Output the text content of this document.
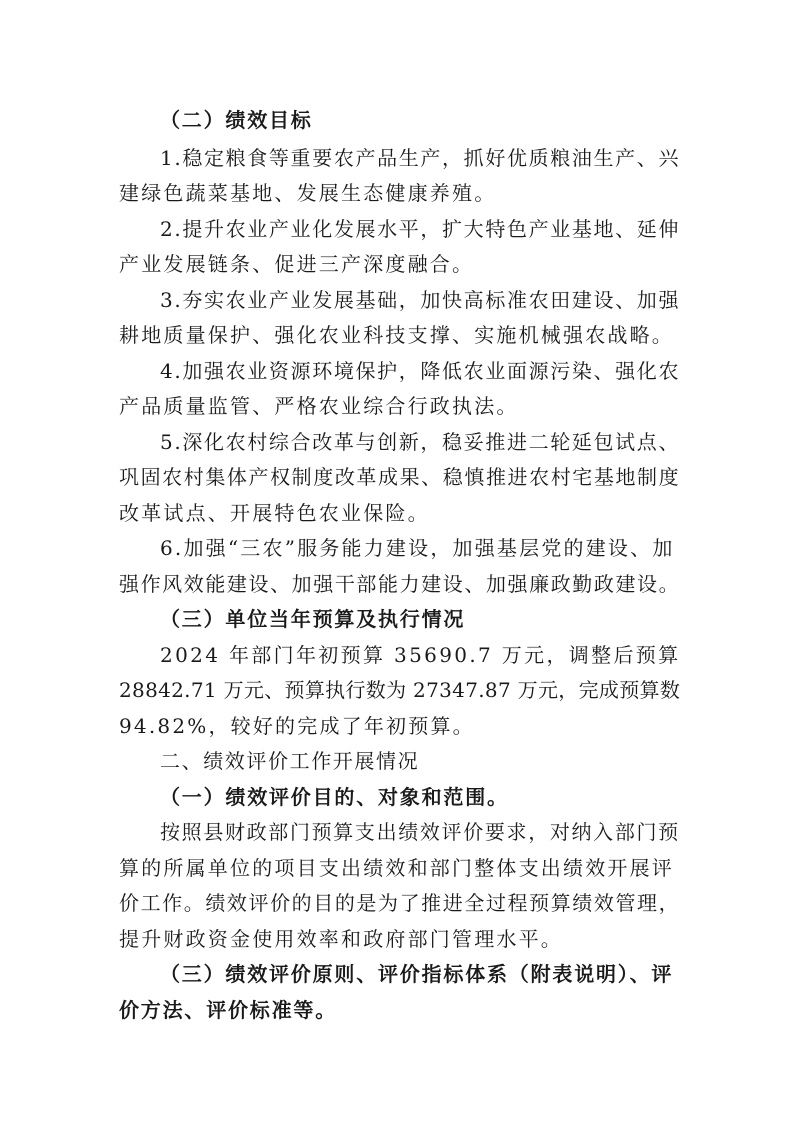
（二）绩效目标
1.稳定粮食等重要农产品生产，抓好优质粮油生产、兴
建绿色蔬菜基地、发展生态健康养殖。
2.提升农业产业化发展水平，扩大特色产业基地、延伸
产业发展链条、促进三产深度融合。
3.夯实农业产业发展基础，加快高标准农田建设、加强
耕地质量保护、强化农业科技支撑、实施机械强农战略。
4.加强农业资源环境保护，降低农业面源污染、强化农
产品质量监管、严格农业综合行政执法。
5.深化农村综合改革与创新，稳妥推进二轮延包试点、
巩固农村集体产权制度改革成果、稳慎推进农村宅基地制度
改革试点、开展特色农业保险。
6.加强“三农”服务能力建设，加强基层党的建设、加
强作风效能建设、加强干部能力建设、加强廉政勤政建设。
（三）单位当年预算及执行情况
2024 年部门年初预算 35690.7 万元，调整后预算
28842.71 万元、预算执行数为 27347.87 万元，完成预算数
94.82%，较好的完成了年初预算。
二、绩效评价工作开展情况
（一）绩效评价目的、对象和范围。
按照县财政部门预算支出绩效评价要求，对纳入部门预
算的所属单位的项目支出绩效和部门整体支出绩效开展评
价工作。绩效评价的目的是为了推进全过程预算绩效管理，
提升财政资金使用效率和政府部门管理水平。
（三）绩效评价原则、评价指标体系（附表说明）、评
价方法、评价标准等。
